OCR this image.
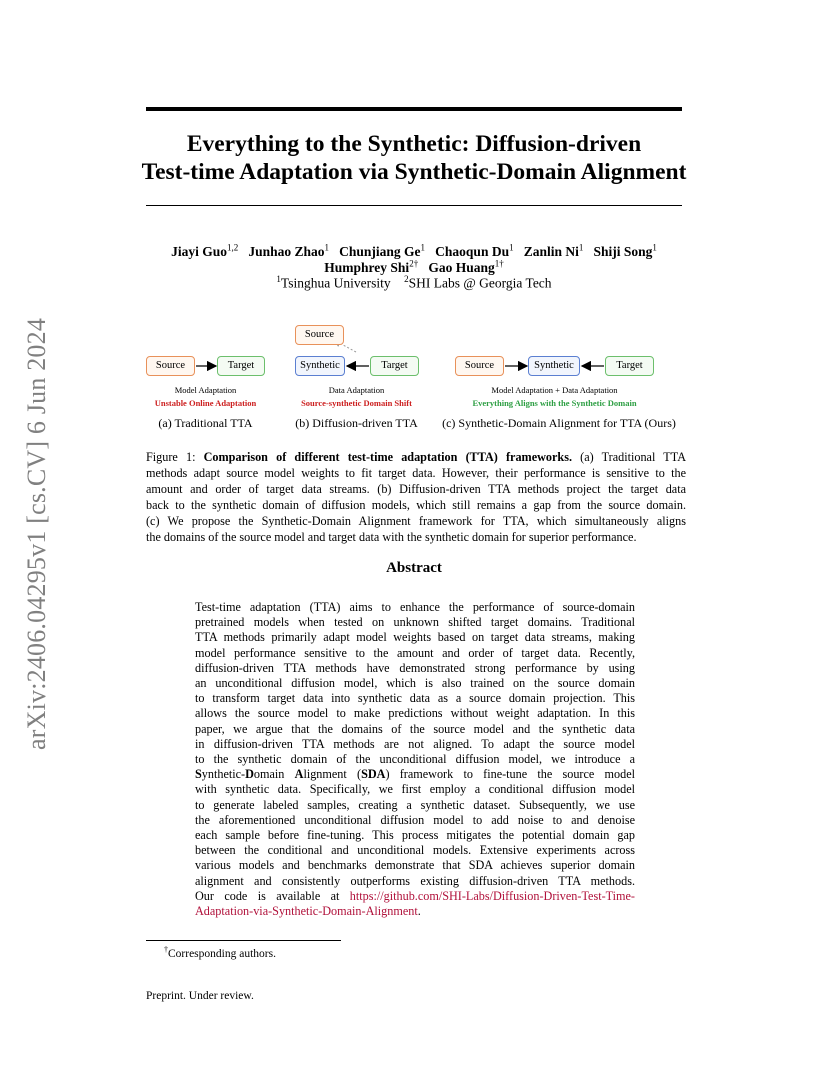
arXiv:2406.04295v1 [cs.CV] 6 Jun 2024
Everything to the Synthetic: Diffusion-driven
Test-time Adaptation via Synthetic-Domain Alignment
Jiayi Guo$^{1,2}$ Junhao Zhao$^1$ Chunjiang Ge$^1$ Chaoqun Du$^1$ Zanlin Ni$^1$ Shiji Song$^1$
Humphrey Shi$^{2\dagger}$ Gao Huang$^{1\dagger}$
$^1$Tsinghua University $^2$SHI Labs @ Georgia Tech
Source	Target
Model Adaptation
Unstable Online Adaptation
(a) Traditional TTA
Source
Synthetic	Target
Data Adaptation
Source-synthetic Domain Shift
(b) Diffusion-driven TTA
Source	Synthetic	Target
Model Adaptation + Data Adaptation
Everything Aligns with the Synthetic Domain
(c) Synthetic-Domain Alignment for TTA (Ours)
Figure 1: Comparison of different test-time adaptation (TTA) frameworks. (a) Traditional TTA
methods adapt source model weights to fit target data. However, their performance is sensitive to the
amount and order of target data streams. (b) Diffusion-driven TTA methods project the target data
back to the synthetic domain of diffusion models, which still remains a gap from the source domain.
(c) We propose the Synthetic-Domain Alignment framework for TTA, which simultaneously aligns
the domains of the source model and target data with the synthetic domain for superior performance.
Abstract
Test-time adaptation (TTA) aims to enhance the performance of source-domain
pretrained models when tested on unknown shifted target domains. Traditional
TTA methods primarily adapt model weights based on target data streams, making
model performance sensitive to the amount and order of target data. Recently,
diffusion-driven TTA methods have demonstrated strong performance by using
an unconditional diffusion model, which is also trained on the source domain
to transform target data into synthetic data as a source domain projection. This
allows the source model to make predictions without weight adaptation. In this
paper, we argue that the domains of the source model and the synthetic data
in diffusion-driven TTA methods are not aligned. To adapt the source model
to the synthetic domain of the unconditional diffusion model, we introduce a
Synthetic-Domain Alignment (SDA) framework to fine-tune the source model
with synthetic data. Specifically, we first employ a conditional diffusion model
to generate labeled samples, creating a synthetic dataset. Subsequently, we use
the aforementioned unconditional diffusion model to add noise to and denoise
each sample before fine-tuning. This process mitigates the potential domain gap
between the conditional and unconditional models. Extensive experiments across
various models and benchmarks demonstrate that SDA achieves superior domain
alignment and consistently outperforms existing diffusion-driven TTA methods.
Our code is available at https://github.com/SHI-Labs/Diffusion-Driven-Test-Time-
Adaptation-via-Synthetic-Domain-Alignment.
†Corresponding authors.
Preprint. Under review.
